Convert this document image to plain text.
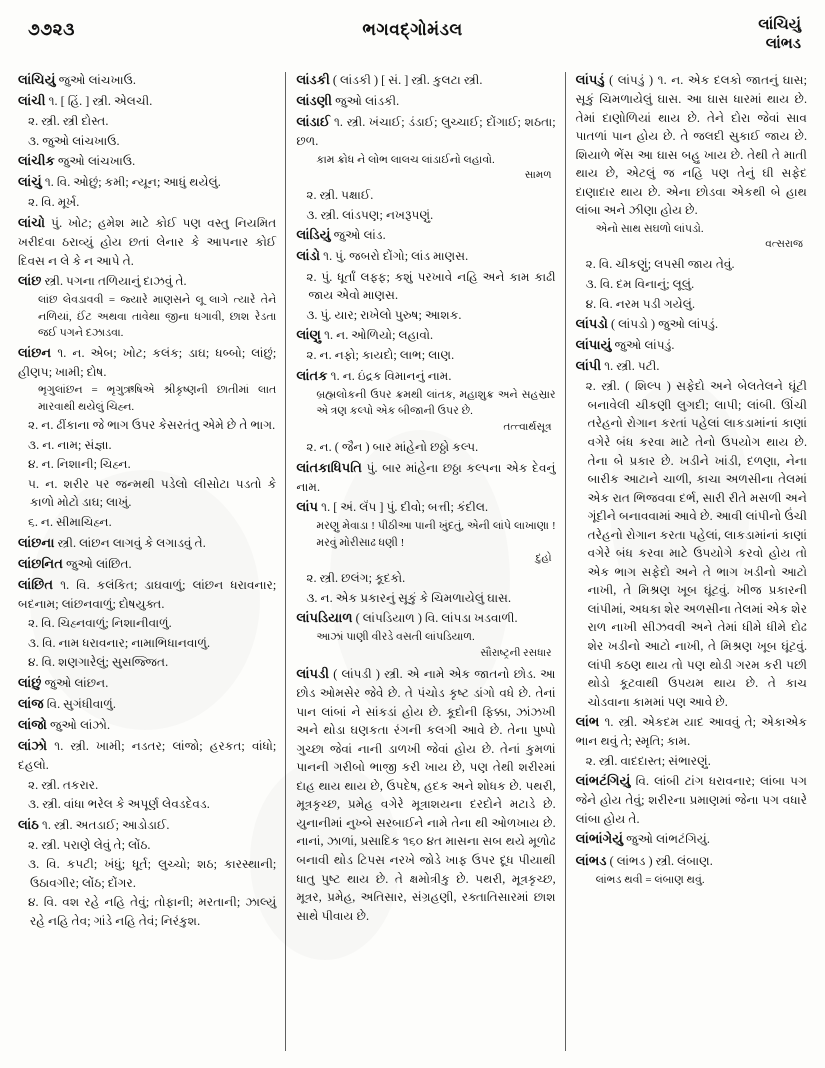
૭૭૨૩	ભગવદ્ગોમંડલ	લાંચિયું
લાંભડ

લાંચિયું જુઓ લાંચખાઉ.

લાંચી ૧. [ હિં. ] સ્ત્રી. એલચી.

૨. સ્ત્રી. સ્ત્રી દોસ્ત.

૩. જુઓ લાંચખાઉ.

લાંચીક જુઓ લાંચખાઉ.

લાંચું ૧. વિ. ઓછું; કમી; ન્યૂન; આધું થયેલું.

૨. વિ. મૂર્ખ.

લાંચો પું. ખોટ; હમેશ માટે કોઈ પણ વસ્તુ નિયમિત ખરીદવા ઠરાવ્યું હોય છતાં લેનાર કે આપનાર કોઈ દિવસ ન લે કે ન આપે તે.

લાંછ સ્ત્રી. પગના તળિયાનું દાઝવું તે.

લાંછ લેવડાવવી = જ્યારે માણસને લૂ લાગે ત્યારે તેને નળિયાં, ઈંટ અથવા તાવેથા જીના ધગાવી, છાશ રેડતા જઈ પગને દઝાડવા.

લાંછન ૧. ન. એબ; ખોટ; કલંક; ડાઘ; ધબ્બો; લાંછું; હીણપ; ખામી; દોષ.

ભૃગુલાંછન = ભૃગુઋષિએ શ્રીકૃષ્ણની છાતીમાં લાત મારવાથી થયેલું ચિહ્ન.

૨. ન. ઢીંકાના જે ભાગ ઉપર કેસરતંતુ એમે છે તે ભાગ.

૩. ન. નામ; સંજ્ઞા.

૪. ન. નિશાની; ચિહ્ન.

૫. ન. શરીર પર જન્મથી પડેલો લીસોટા પડતો કે કાળો મોટો ડાઘ; લાખું.

૬. ન. સીમાચિહ્ન.

લાંછના સ્ત્રી. લાંછન લાગવું કે લગાડવું તે.

લાંછનિત જુઓ લાંછિત.

લાંછિત ૧. વિ. કલંકિત; ડાઘવાળું; લાંછન ધરાવનાર; બદનામ; લાંછનવાળું; દોષયુક્ત.

૨. વિ. ચિહ્નવાળું; નિશાનીવાળું.

૩. વિ. નામ ધરાવનાર; નામાભિધાનવાળું.

૪. વિ. શણગારેલું; સુસજ્જિત.

લાંછું જુઓ લાંછન.

લાંજ વિ. સુગંધીવાળું.

લાંજો જુઓ લાંઝો.

લાંઝો ૧. સ્ત્રી. ખામી; નડતર; લાંજો; હરકત; વાંધો; દહલો.

૨. સ્ત્રી. તકરાર.

૩. સ્ત્રી. વાંધા ભરેલ કે અપૂર્ણ લેવડદેવડ.

લાંઠ ૧. સ્ત્રી. અતડાઈ; આડોડાઈ.

૨. સ્ત્રી. પરાણે લેવું તે; લોંઠ.

૩. વિ. કપટી; ખંધું; ધૂર્ત; લુચ્ચો; શઠ; કારસ્થાની; ઉઠાવગીર; લોંઠ; દોંગર.

૪. વિ. વશ રહે નહિ તેવું; તોફાની; મરતાની; ઝાલ્યું રહે નહિ તેવ; ગાંડે નહિ તેવં; નિરંકુશ.

લાંડકી ( લાંડકી ) [ સં. ] સ્ત્રી. કુલટા સ્ત્રી.

લાંડણી જુઓ લાંડકી.

લાંડાઈ ૧. સ્ત્રી. ખંચાઈ; ડંડાઈ; લુચ્ચાઈ; દોંગાઈ; શઠતા; છળ.

કામ ક્રોધ ને લોભ લાલચ લાંડાઈનો લહાવો.

સામળ

૨. સ્ત્રી. પક્ષાઈ.

૩. સ્ત્રી. લાંડપણ; નખરૂપણું.

લાંડિયું જુઓ લાંડ.

લાંડો ૧. પું. જબરો દોંગો; લાંડ માણસ.

૨. પું. ધૂર્તાં લફ્ફ; કશું પરખાવે નહિ અને કામ કાઢી જાય એવો માણસ.

૩. પું. યાર; રાખેલો પુરુષ; આશક.

લાંણુ ૧. ન. ઓળિયો; લહાવો.

૨. ન. નફો; કાયદો; લાભ; લાણ.

લાંતક ૧. ન. ઇંદ્રક વિમાનનું નામ.

બ્રહ્મલોકની ઉપર ક્રમથી લાંતક, મહાશુક્ર અને સહસ્રાર એ ત્રણ કલ્પો એક બીજાની ઉપર છે.

તત્ત્વાર્થસૂત્ર

૨. ન. ( જૈન ) બાર માંહેનો છઠ્ઠો કલ્પ.

લાંતકાધિપતિ પું. બાર માંહેના છઠ્ઠા કલ્પના એક દેવનું નામ.

લાંપ ૧. [ અં. લૅંપ ] પું. દીવો; બત્તી; કંદીલ.

મરણુ મેવાડા ! પીઠીઆ પાની ખુંદતું, એની લાંપે લાખાણા ! મરવું મોરીસાઢ ધણી !

દુહો

૨. સ્ત્રી. છલંગ; કૂદકો.

૩. ન. એક પ્રકારનું સૂકું કે ચિમળાયેલું ઘાસ.

લાંપડિયાળ ( લાંપડિયાળ ) વિ. લાંપડા ખડવાળી.

આઝાં પાણી વીરડે વસતી લાંપડિયાળ.

સૌરાષ્ટ્રની રસધાર

લાંપડી ( લાંપડી ) સ્ત્રી. એ નામે એક જાતનો છોડ. આ છોડ ઓમસેર જેવે છે. તે પંચોડ કૃષ્ટ ડાંગો વધે છે. તેનાં પાન લાંબાં ને સાંકડાં હોય છે. કૂદોની ફિક્કા, ઝાંઝખી અને થોડા ઘણકતા રંગની કલગી આવે છે. તેના પુષ્પો ગુચ્છા જેવાં નાની ડાળખી જેવાં હોય છે. તેનાં કુમળાં પાનની ગરીબો ભાજી કરી ખાય છે, પણ તેથી શરીરમાં દાહ થાય થાય છે, ઉપદેષ, હદક અને શોધક છે. પથરી, મૂત્રકૃચ્છ, પ્રમેહ વગેરે મૂત્રાશયના દરદોને મટાડે છે. યુનાનીમાં નુખ્બે સરબાઈને નામે તેના થી ઓળખાય છે. નાનાં, ઝાળાં, પ્રસાદિક ૧૬૦ ૪ત માસના સબ થયે મૂળોઢ બનાવી થોડ ટિપસ નરખે જોડે ખાફ ઉપર દૂધ પીયાથી ધાતુ પુષ્ટ થાય છે. તે ક્ષમોત્રીકુ છે. પથરી, મૂત્રકૃચ્છ, મૂત્રર, પ્રમેહ, અતિસાર, સંગ્રહણી, રક્તાતિસારમાં છાશ સાથે પીવાય છે.

લાંપડું ( લાંપડું ) ૧. ન. એક દલકો જાતનું ઘાસ; સૂકું ચિમળાયેલું ઘાસ. આ ઘાસ ધારમાં થાય છે. તેમાં દાણોળિયાં થાય છે. તેને દોરા જેવાં સાવ પાતળાં પાન હોય છે. તે જલદી સુકાઈ જાય છે. શિયાળે ભેંસ આ ઘાસ બહુ ખાય છે. તેથી તે માતી થાય છે, એટલું જ નહિ પણ તેનું ઘી સફેદ દાણાદાર થાય છે. એના છોડવા એકથી બે હાથ લાંબા અને ઝીણા હોય છે.

એનો સાથ સઘળો લાંપડો.

વત્સરાજ

૨. વિ. ચીકણું; લપસી જાય તેવું.

૩. વિ. દમ વિનાનું; લૂલું.

૪. વિ. નરમ પડી ગયેલું.

લાંપડો ( લાંપડો ) જુઓ લાંપડું.

લાંપાયું જુઓ લાંપડું.

લાંપી ૧. સ્ત્રી. પટી.

૨. સ્ત્રી. ( શિલ્પ ) સફેદો અને બેલતેલને ઘૂંટી બનાવેલી ચીકણી લુગદી; લાપી; લાંબી. ઊંચી તરેહનો રોગાન કરતાં પહેલાં લાકડામાંનાં કાણાં વગેરે બંધ કરવા માટે તેનો ઉપયોગ થાય છે. તેના બે પ્રકાર છે. ખડીને ખાંડી, દળણા, નેના બારીક આટાને ચાળી, કાચા અળસીના તેલમાં એક રાત ભિજવવા દર્ભ, સારી રીતે મસળી અને ગૂંદીને બનાવવામાં આવે છે. આવી લાંપીનો ઉંચી તરેહનો રોગાન કરતા પહેલાં, લાકડામાંનાં કાણાં વગેરે બંધ કરવા માટે ઉપયોગે કરવો હોય તો એક ભાગ સફેદો અને તે ભાગ ખડીનો આટો નાખી, તે મિશ્રણ ખૂબ ઘૂંટવું. ખીજ પ્રકારની લાંપીમાં, અધકા શેર અળસીના તેલમાં એક શેર રાળ નાખી સીઝવવી અને તેમાં ધીમે ધીમે દોઢ શેર ખડીનો આટો નાખી, તે મિશ્રણ ખૂબ ઘૂંટવું. લાંપી કઠણ થાય તો પણ થોડી ગરમ કરી પછી થોડો કૂટવાથી ઉપયમ થાય છે. તે કાચ ચોડવાના કામમાં પણ આવે છે.

લાંભ ૧. સ્ત્રી. એકદમ યાદ આવવું તે; એકાએક ભાન થવું તે; સ્મૃતિ; કામ.

૨. સ્ત્રી. વાદદાસ્ત; સંભારણું.

લાંભટંગિયું વિ. લાંબી ટાંગ ધરાવનાર; લાંબા પગ જેને હોય તેવું; શરીરના પ્રમાણમાં જેના પગ વધારે લાંબા હોય તે.

લાંભાંગેયું જુઓ લાંભટંગિયું.

લાંભડ ( લાંભડ ) સ્ત્રી. લંબાણ.

લાંભડ થવી = લંબાણ થવું.
